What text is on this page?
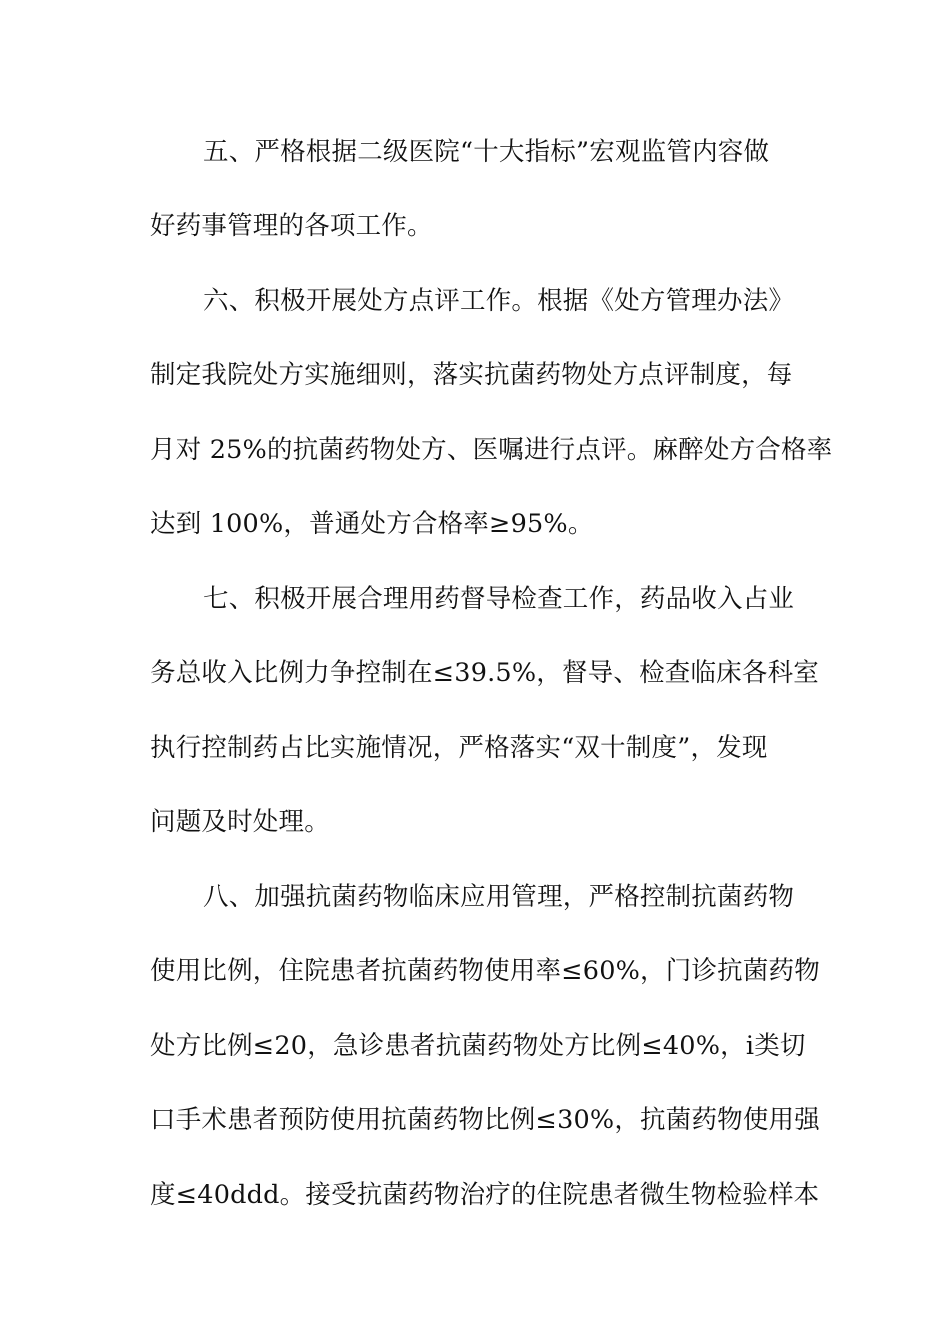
五、严格根据二级医院“十大指标”宏观监管内容做
好药事管理的各项工作。
六、积极开展处方点评工作。根据《处方管理办法》
制定我院处方实施细则，落实抗菌药物处方点评制度，每
月对 25%的抗菌药物处方、医嘱进行点评。麻醉处方合格率
达到 100%，普通处方合格率≥95%。
七、积极开展合理用药督导检查工作，药品收入占业
务总收入比例力争控制在≤39.5%，督导、检查临床各科室
执行控制药占比实施情况，严格落实“双十制度”，发现
问题及时处理。
八、加强抗菌药物临床应用管理，严格控制抗菌药物
使用比例，住院患者抗菌药物使用率≤60%，门诊抗菌药物
处方比例≤20，急诊患者抗菌药物处方比例≤40%，ⅰ类切
口手术患者预防使用抗菌药物比例≤30%，抗菌药物使用强
度≤40ddd。接受抗菌药物治疗的住院患者微生物检验样本
